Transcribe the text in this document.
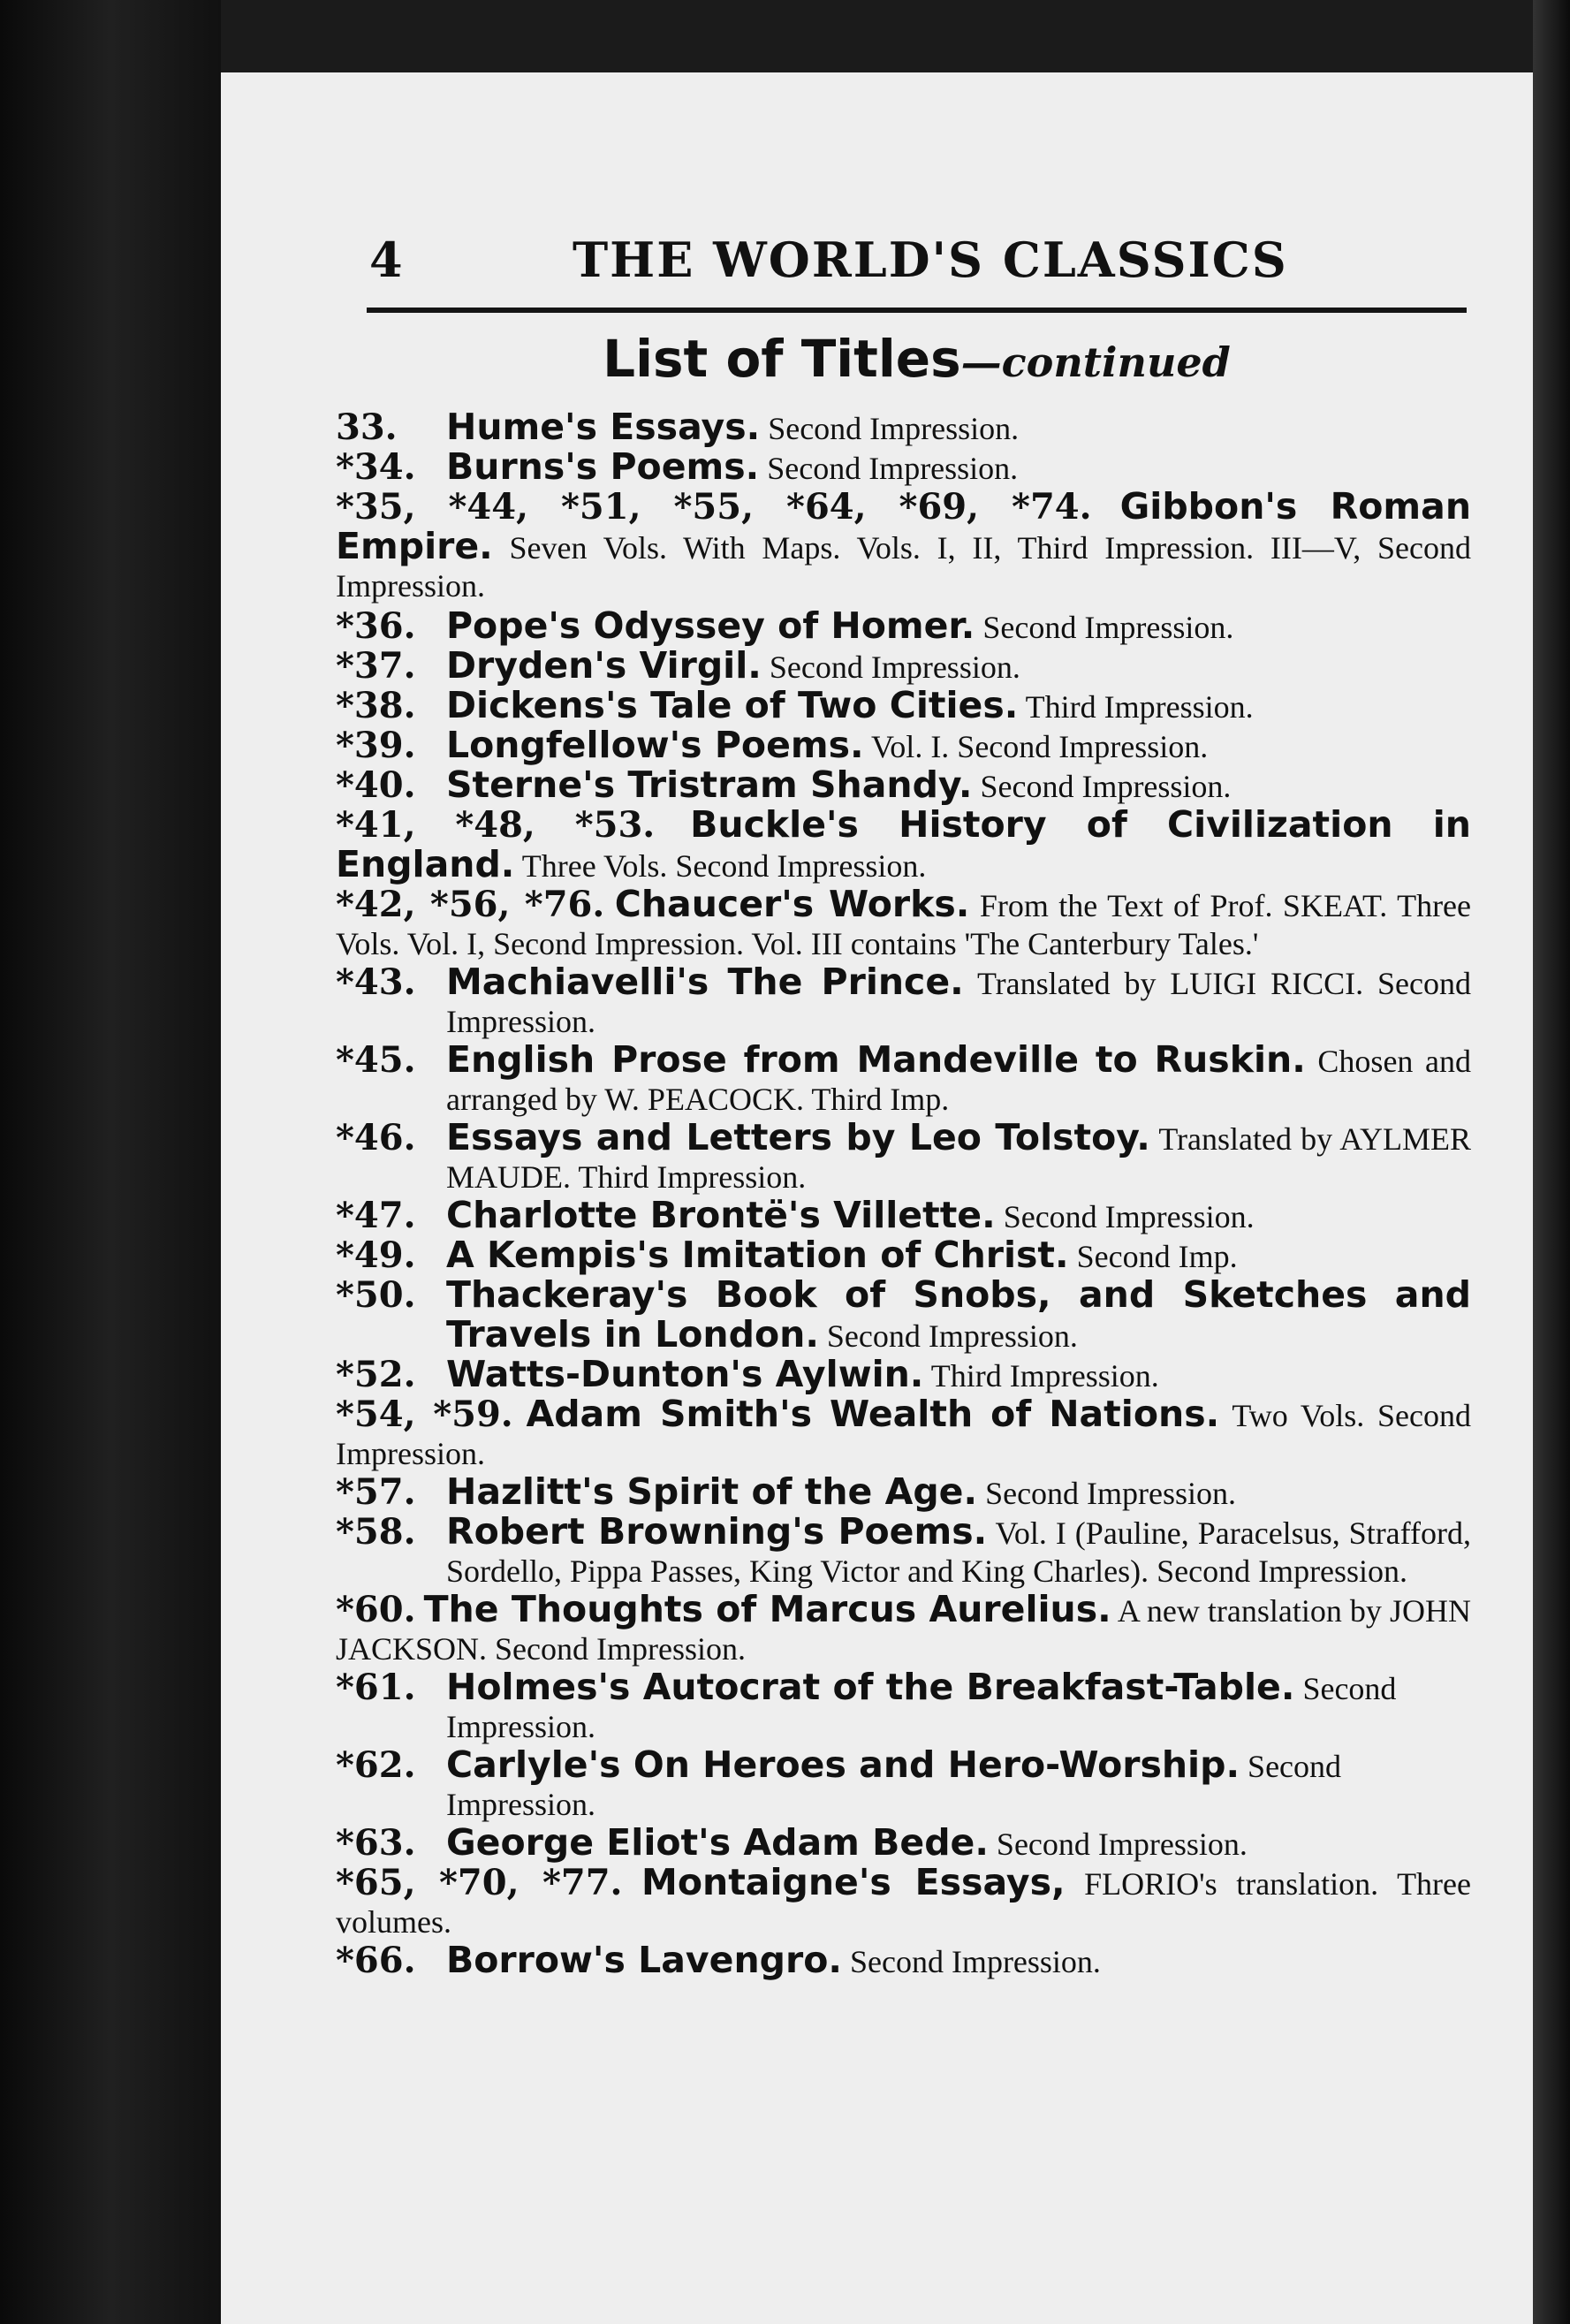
4	THE WORLD'S CLASSICS
List of Titles—continued
33. Hume's Essays. Second Impression.
*34. Burns's Poems. Second Impression.
*35, *44, *51, *55, *64, *69, *74. Gibbon's Roman Empire. Seven Vols. With Maps. Vols. I, II, Third Impression. III—V, Second Impression.
*36. Pope's Odyssey of Homer. Second Impression.
*37. Dryden's Virgil. Second Impression.
*38. Dickens's Tale of Two Cities. Third Impression.
*39. Longfellow's Poems. Vol. I. Second Impression.
*40. Sterne's Tristram Shandy. Second Impression.
*41, *48, *53. Buckle's History of Civilization in England. Three Vols. Second Impression.
*42, *56, *76. Chaucer's Works. From the Text of Prof. SKEAT. Three Vols. Vol. I, Second Impression. Vol. III contains 'The Canterbury Tales.'
*43. Machiavelli's The Prince. Translated by LUIGI RICCI. Second Impression.
*45. English Prose from Mandeville to Ruskin. Chosen and arranged by W. PEACOCK. Third Imp.
*46. Essays and Letters by Leo Tolstoy. Translated by AYLMER MAUDE. Third Impression.
*47. Charlotte Brontë's Villette. Second Impression.
*49. A Kempis's Imitation of Christ. Second Imp.
*50. Thackeray's Book of Snobs, and Sketches and Travels in London. Second Impression.
*52. Watts-Dunton's Aylwin. Third Impression.
*54, *59. Adam Smith's Wealth of Nations. Two Vols. Second Impression.
*57. Hazlitt's Spirit of the Age. Second Impression.
*58. Robert Browning's Poems. Vol. I (Pauline, Paracelsus, Strafford, Sordello, Pippa Passes, King Victor and King Charles). Second Impression.
*60. The Thoughts of Marcus Aurelius. A new translation by JOHN JACKSON. Second Impression.
*61. Holmes's Autocrat of the Breakfast-Table. Second Impression.
*62. Carlyle's On Heroes and Hero-Worship. Second Impression.
*63. George Eliot's Adam Bede. Second Impression.
*65, *70, *77. Montaigne's Essays, FLORIO's translation. Three volumes.
*66. Borrow's Lavengro. Second Impression.
